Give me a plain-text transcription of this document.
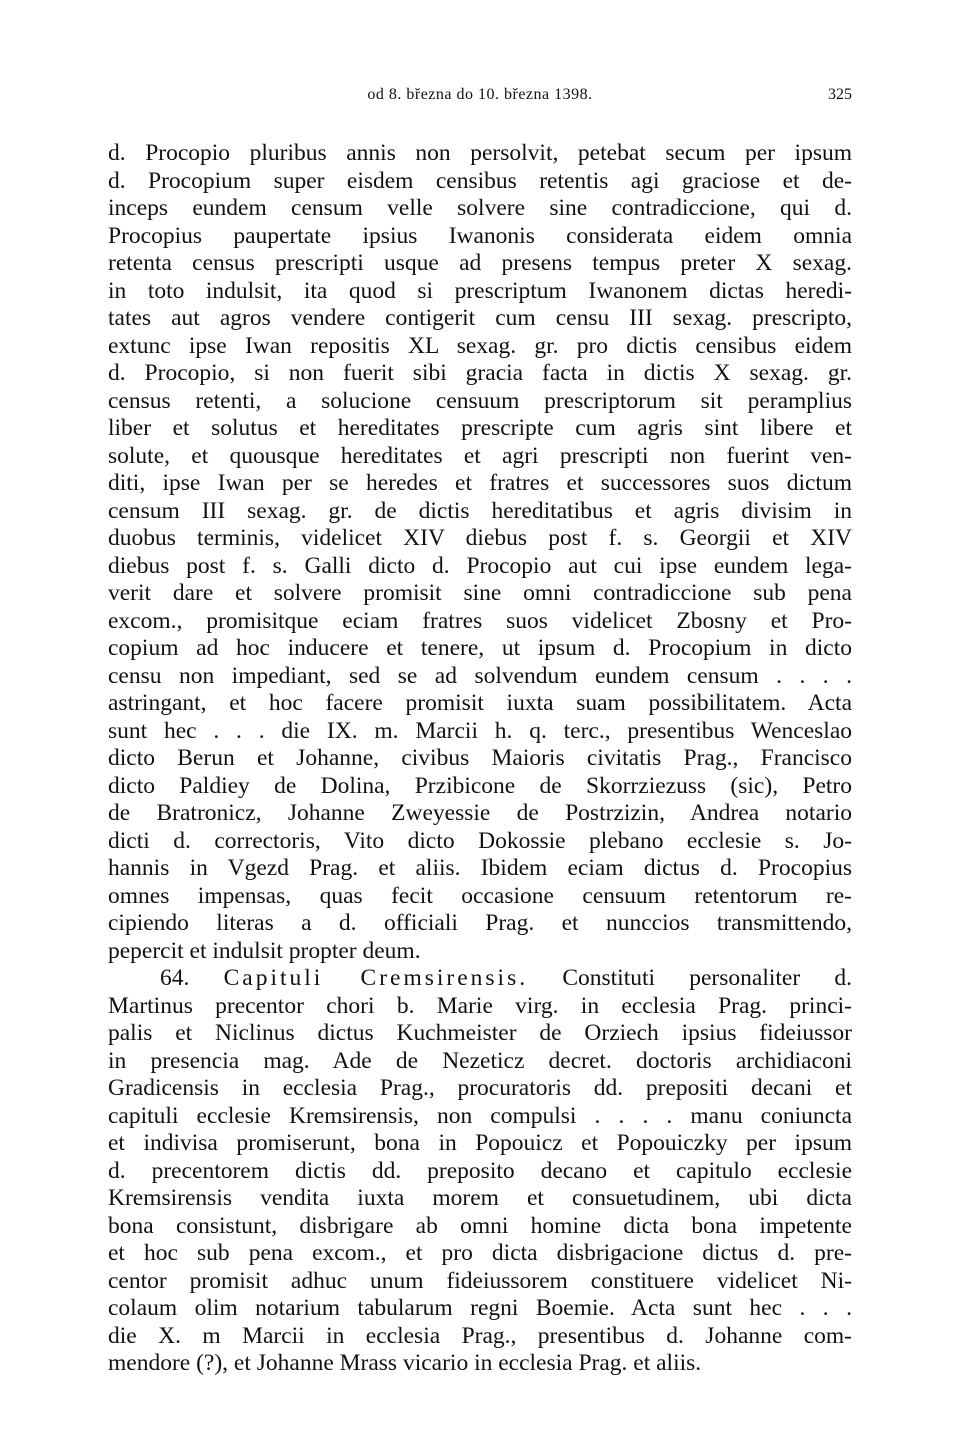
od 8. března do 10. března 1398.	325
d. Procopio pluribus annis non persolvit, petebat secum per ipsum
d. Procopium super eisdem censibus retentis agi graciose et de-
inceps eundem censum velle solvere sine contradiccione, qui d.
Procopius paupertate ipsius Iwanonis considerata eidem omnia
retenta census prescripti usque ad presens tempus preter X sexag.
in toto indulsit, ita quod si prescriptum Iwanonem dictas heredi-
tates aut agros vendere contigerit cum censu III sexag. prescripto,
extunc ipse Iwan repositis XL sexag. gr. pro dictis censibus eidem
d. Procopio, si non fuerit sibi gracia facta in dictis X sexag. gr.
census retenti, a solucione censuum prescriptorum sit peramplius
liber et solutus et hereditates prescripte cum agris sint libere et
solute, et quousque hereditates et agri prescripti non fuerint ven-
diti, ipse Iwan per se heredes et fratres et successores suos dictum
censum III sexag. gr. de dictis hereditatibus et agris divisim in
duobus terminis, videlicet XIV diebus post f. s. Georgii et XIV
diebus post f. s. Galli dicto d. Procopio aut cui ipse eundem lega-
verit dare et solvere promisit sine omni contradiccione sub pena
excom., promisitque eciam fratres suos videlicet Zbosny et Pro-
copium ad hoc inducere et tenere, ut ipsum d. Procopium in dicto
censu non impediant, sed se ad solvendum eundem censum . . . .
astringant, et hoc facere promisit iuxta suam possibilitatem. Acta
sunt hec . . . die IX. m. Marcii h. q. terc., presentibus Wenceslao
dicto Berun et Johanne, civibus Maioris civitatis Prag., Francisco
dicto Paldiey de Dolina, Przibicone de Skorrziezuss (sic), Petro
de Bratronicz, Johanne Zweyessie de Postrzizin, Andrea notario
dicti d. correctoris, Vito dicto Dokossie plebano ecclesie s. Jo-
hannis in Vgezd Prag. et aliis. Ibidem eciam dictus d. Procopius
omnes impensas, quas fecit occasione censuum retentorum re-
cipiendo literas a d. officiali Prag. et nunccios transmittendo,
pepercit et indulsit propter deum.
64. Capituli Cremsirensis. Constituti personaliter d.
Martinus precentor chori b. Marie virg. in ecclesia Prag. princi-
palis et Niclinus dictus Kuchmeister de Orziech ipsius fideiussor
in presencia mag. Ade de Nezeticz decret. doctoris archidiaconi
Gradicensis in ecclesia Prag., procuratoris dd. prepositi decani et
capituli ecclesie Kremsirensis, non compulsi . . . . manu coniuncta
et indivisa promiserunt, bona in Popouicz et Popouiczky per ipsum
d. precentorem dictis dd. preposito decano et capitulo ecclesie
Kremsirensis vendita iuxta morem et consuetudinem, ubi dicta
bona consistunt, disbrigare ab omni homine dicta bona impetente
et hoc sub pena excom., et pro dicta disbrigacione dictus d. pre-
centor promisit adhuc unum fideiussorem constituere videlicet Ni-
colaum olim notarium tabularum regni Boemie. Acta sunt hec . . .
die X. m Marcii in ecclesia Prag., presentibus d. Johanne com-
mendore (?), et Johanne Mrass vicario in ecclesia Prag. et aliis.
